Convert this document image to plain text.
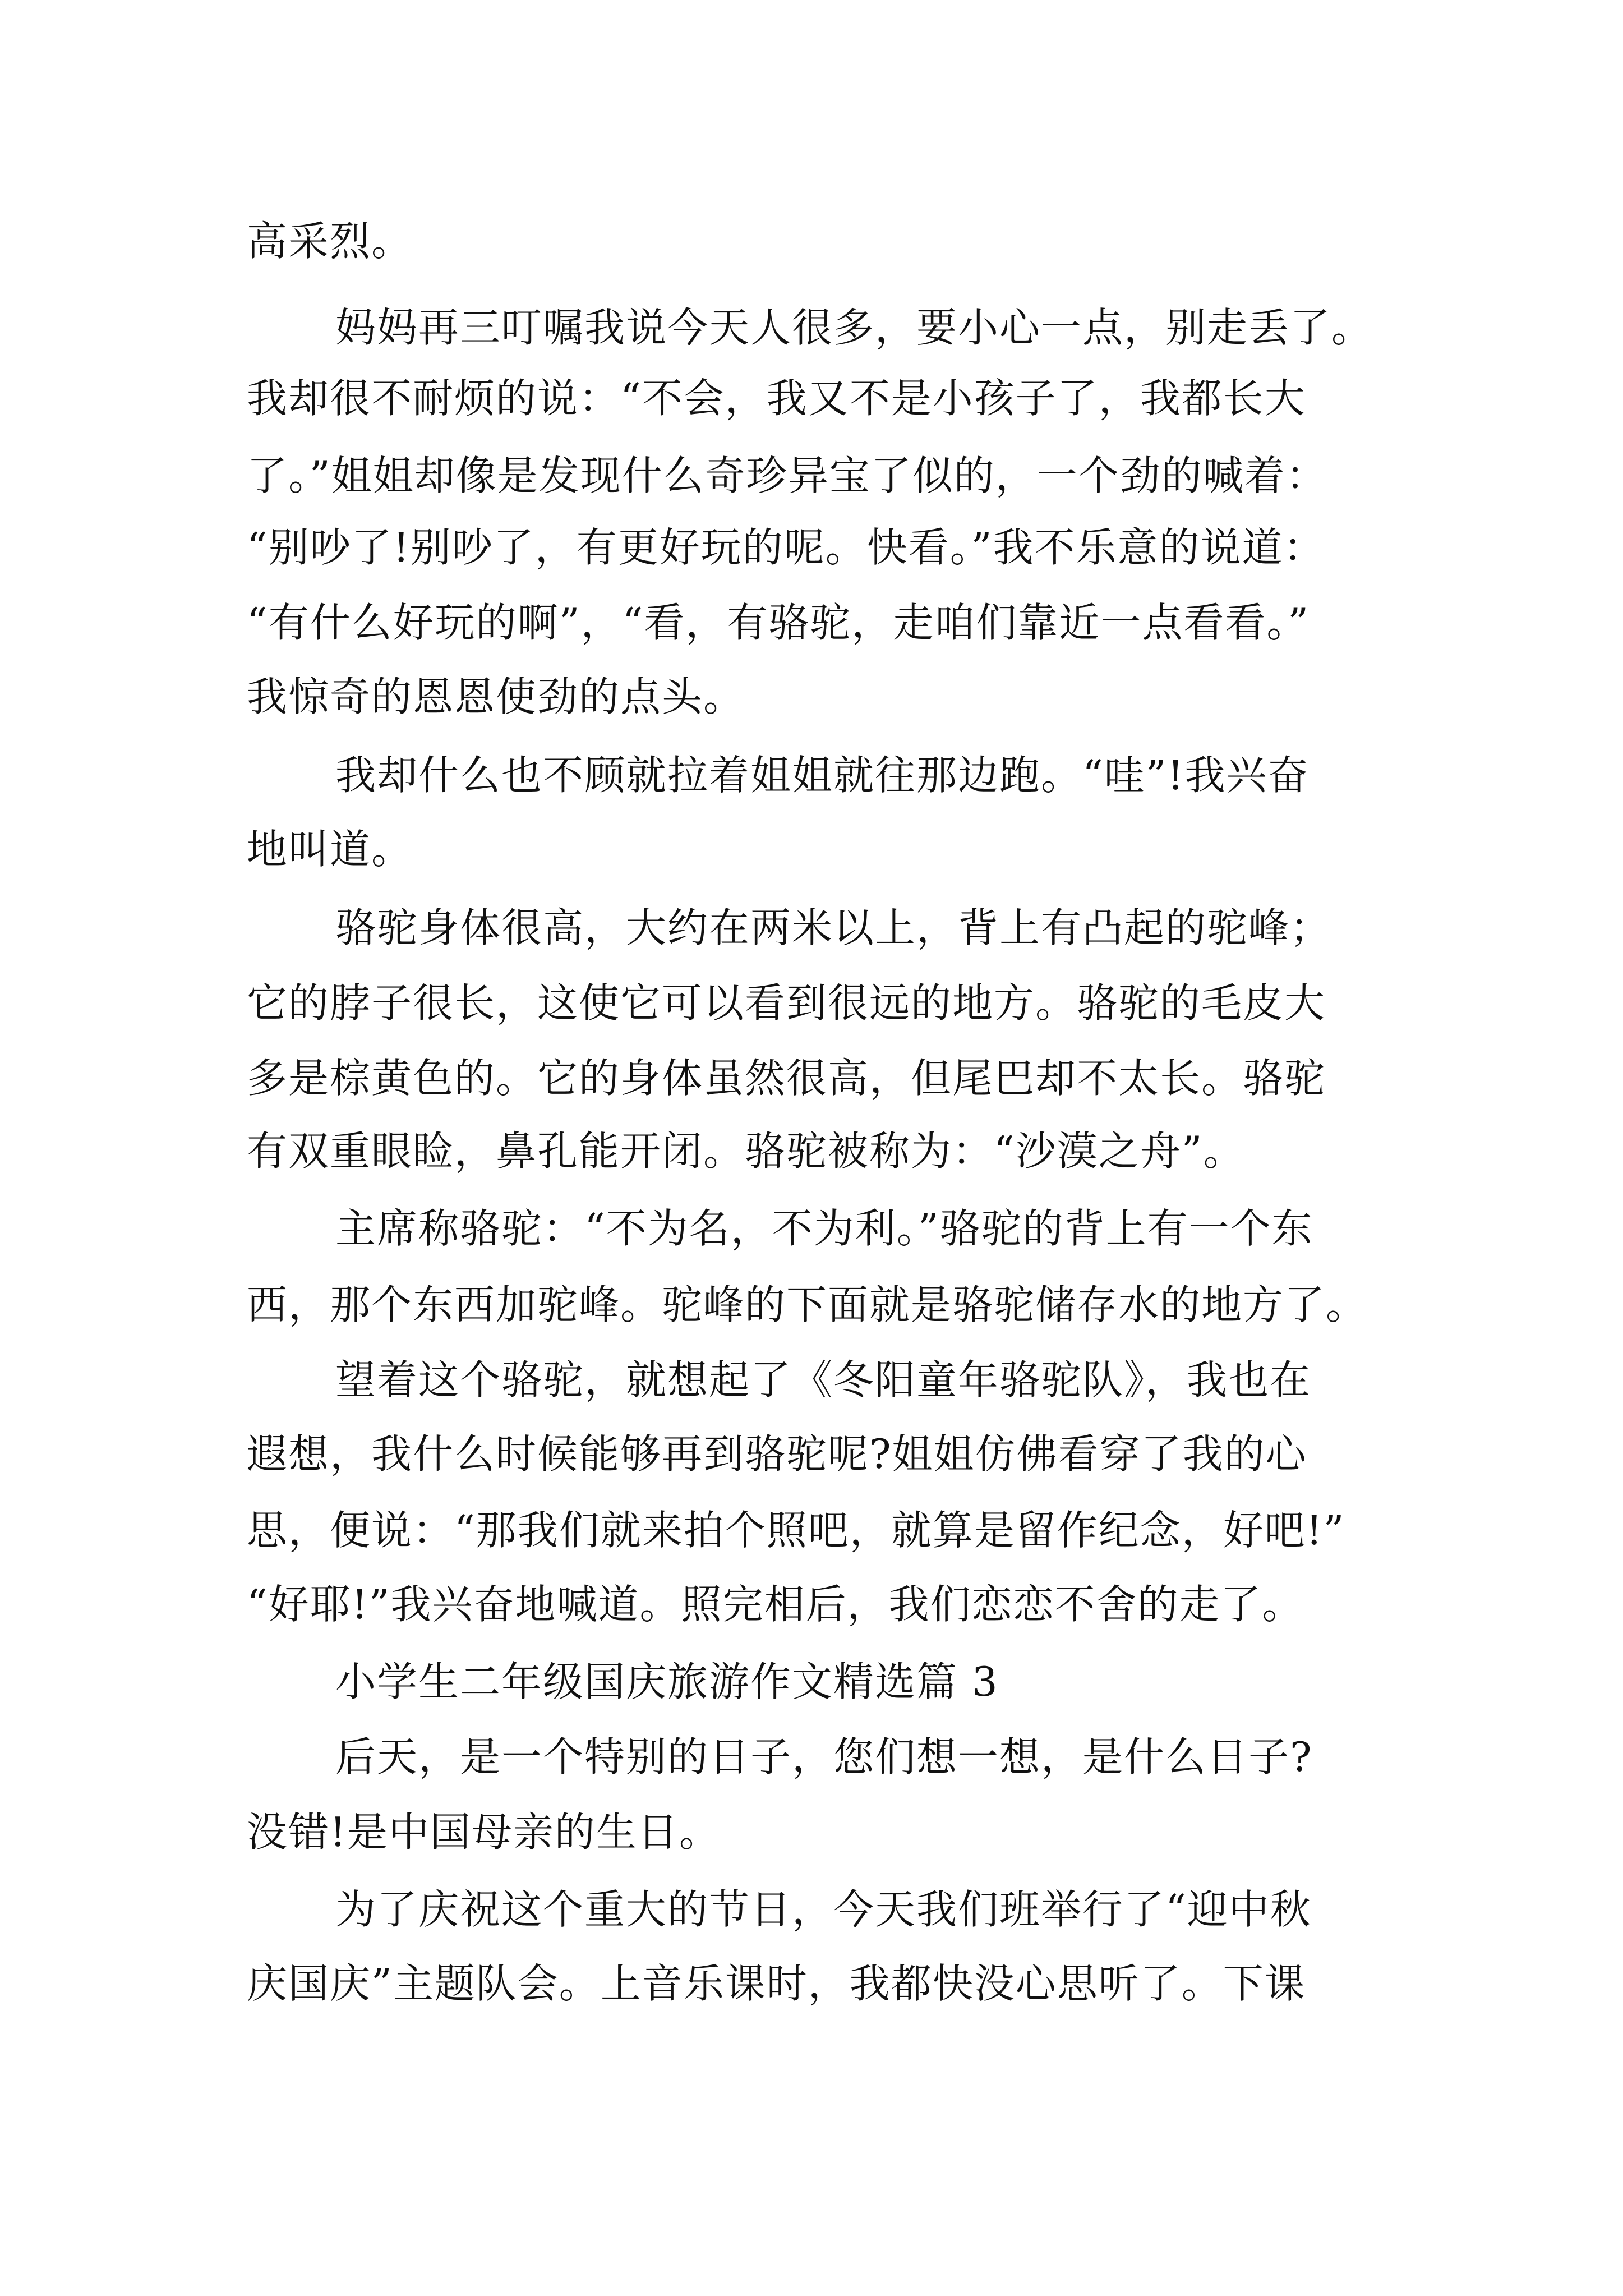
高采烈。
妈妈再三叮嘱我说今天人很多，要小心一点，别走丢了。
我却很不耐烦的说：“不会，我又不是小孩子了，我都长大
了。”姐姐却像是发现什么奇珍异宝了似的，一个劲的喊着：
“别吵了!别吵了，有更好玩的呢。快看。”我不乐意的说道：
“有什么好玩的啊”，“看，有骆驼，走咱们靠近一点看看。”
我惊奇的恩恩使劲的点头。
我却什么也不顾就拉着姐姐就往那边跑。“哇”!我兴奋
地叫道。
骆驼身体很高，大约在两米以上，背上有凸起的驼峰；
它的脖子很长，这使它可以看到很远的地方。骆驼的毛皮大
多是棕黄色的。它的身体虽然很高，但尾巴却不太长。骆驼
有双重眼睑，鼻孔能开闭。骆驼被称为：“沙漠之舟”。
主席称骆驼：“不为名，不为利。”骆驼的背上有一个东
西，那个东西加驼峰。驼峰的下面就是骆驼储存水的地方了。
望着这个骆驼，就想起了《冬阳童年骆驼队》，我也在
遐想，我什么时候能够再到骆驼呢?姐姐仿佛看穿了我的心
思，便说：“那我们就来拍个照吧，就算是留作纪念，好吧!”
“好耶!”我兴奋地喊道。照完相后，我们恋恋不舍的走了。
小学生二年级国庆旅游作文精选篇 3
后天，是一个特别的日子，您们想一想，是什么日子?
没错!是中国母亲的生日。
为了庆祝这个重大的节日，今天我们班举行了“迎中秋
庆国庆”主题队会。上音乐课时，我都快没心思听了。下课
